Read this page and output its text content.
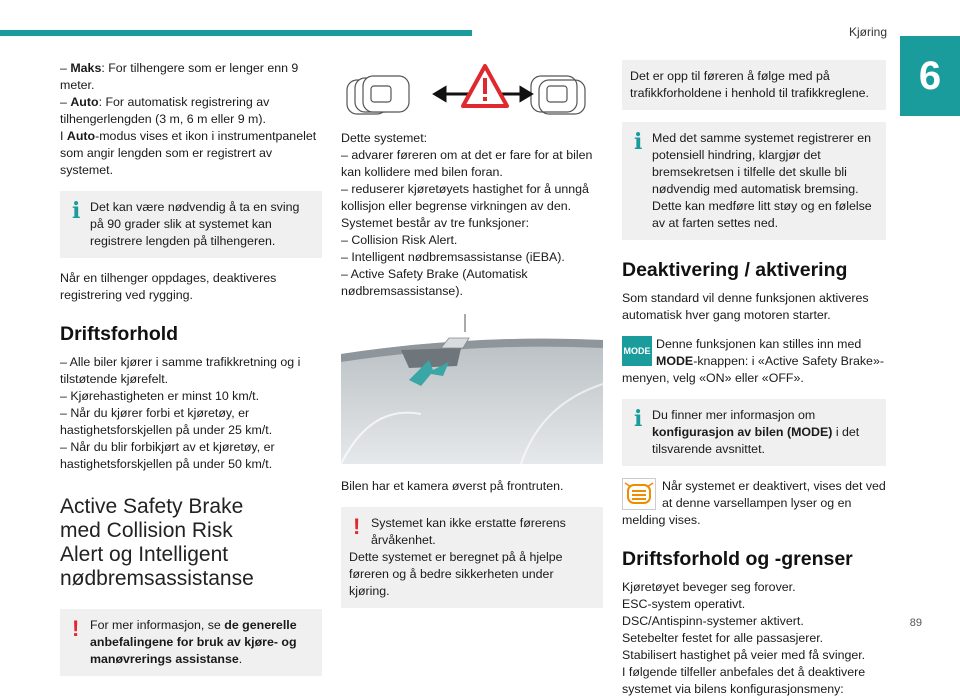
Kjøring
6

– Maks: For tilhengere som er lenger enn 9 meter.

– Auto: For automatisk registrering av tilhengerlengden (3 m, 6 m eller 9 m).

I Auto-modus vises et ikon i instrumentpanelet som angir lengden som er registrert av systemet.

i Det kan være nødvendig å ta en sving på 90 grader slik at systemet kan registrere lengden på tilhengeren.

Når en tilhenger oppdages, deaktiveres registrering ved rygging.

Driftsforhold

– Alle biler kjører i samme trafikkretning og i tilstøtende kjørefelt.

– Kjørehastigheten er minst 10 km/t.

– Når du kjører forbi et kjøretøy, er hastighetsforskjellen på under 25 km/t.

– Når du blir forbikjørt av et kjøretøy, er hastighetsforskjellen på under 50 km/t.

Active Safety Brake
med Collision Risk
Alert og Intelligent
nødbremsassistanse
! For mer informasjon, se de generelle anbefalingene for bruk av kjøre- og manøvrerings assistanse.

Dette systemet:

– advarer føreren om at det er fare for at bilen kan kollidere med bilen foran.

– reduserer kjøretøyets hastighet for å unngå kollisjon eller begrense virkningen av den.

Systemet består av tre funksjoner:

– Collision Risk Alert.

– Intelligent nødbremsassistanse (iEBA).

– Active Safety Brake (Automatisk nødbremsassistanse).

Bilen har et kamera øverst på frontruten.

! Systemet kan ikke erstatte førerens årvåkenhet.
Dette systemet er beregnet på å hjelpe føreren og å bedre sikkerheten under kjøring.
Det er opp til føreren å følge med på trafikkforholdene i henhold til trafikkreglene.
i Med det samme systemet registrerer en potensiell hindring, klargjør det bremsekretsen i tilfelle det skulle bli nødvendig med automatisk bremsing. Dette kan medføre litt støy og en følelse av at farten settes ned.
Deaktivering / aktivering

Som standard vil denne funksjonen aktiveres automatisk hver gang motoren starter.

MODE Denne funksjonen kan stilles inn med MODE-knappen: i «Active Safety Brake»-menyen, velg «ON» eller «OFF».
i Du finner mer informasjon om konfigurasjon av bilen (MODE) i det tilsvarende avsnittet.
Når systemet er deaktivert, vises det ved at denne varsellampen lyser og en melding vises.
Driftsforhold og -grenser

Kjøretøyet beveger seg forover.

ESC-system operativt.

DSC/Antispinn-systemer aktivert.

Setebelter festet for alle passasjerer.

Stabilisert hastighet på veier med få svinger.

I følgende tilfeller anbefales det å deaktivere systemet via bilens konfigurasjonsmeny:

89
